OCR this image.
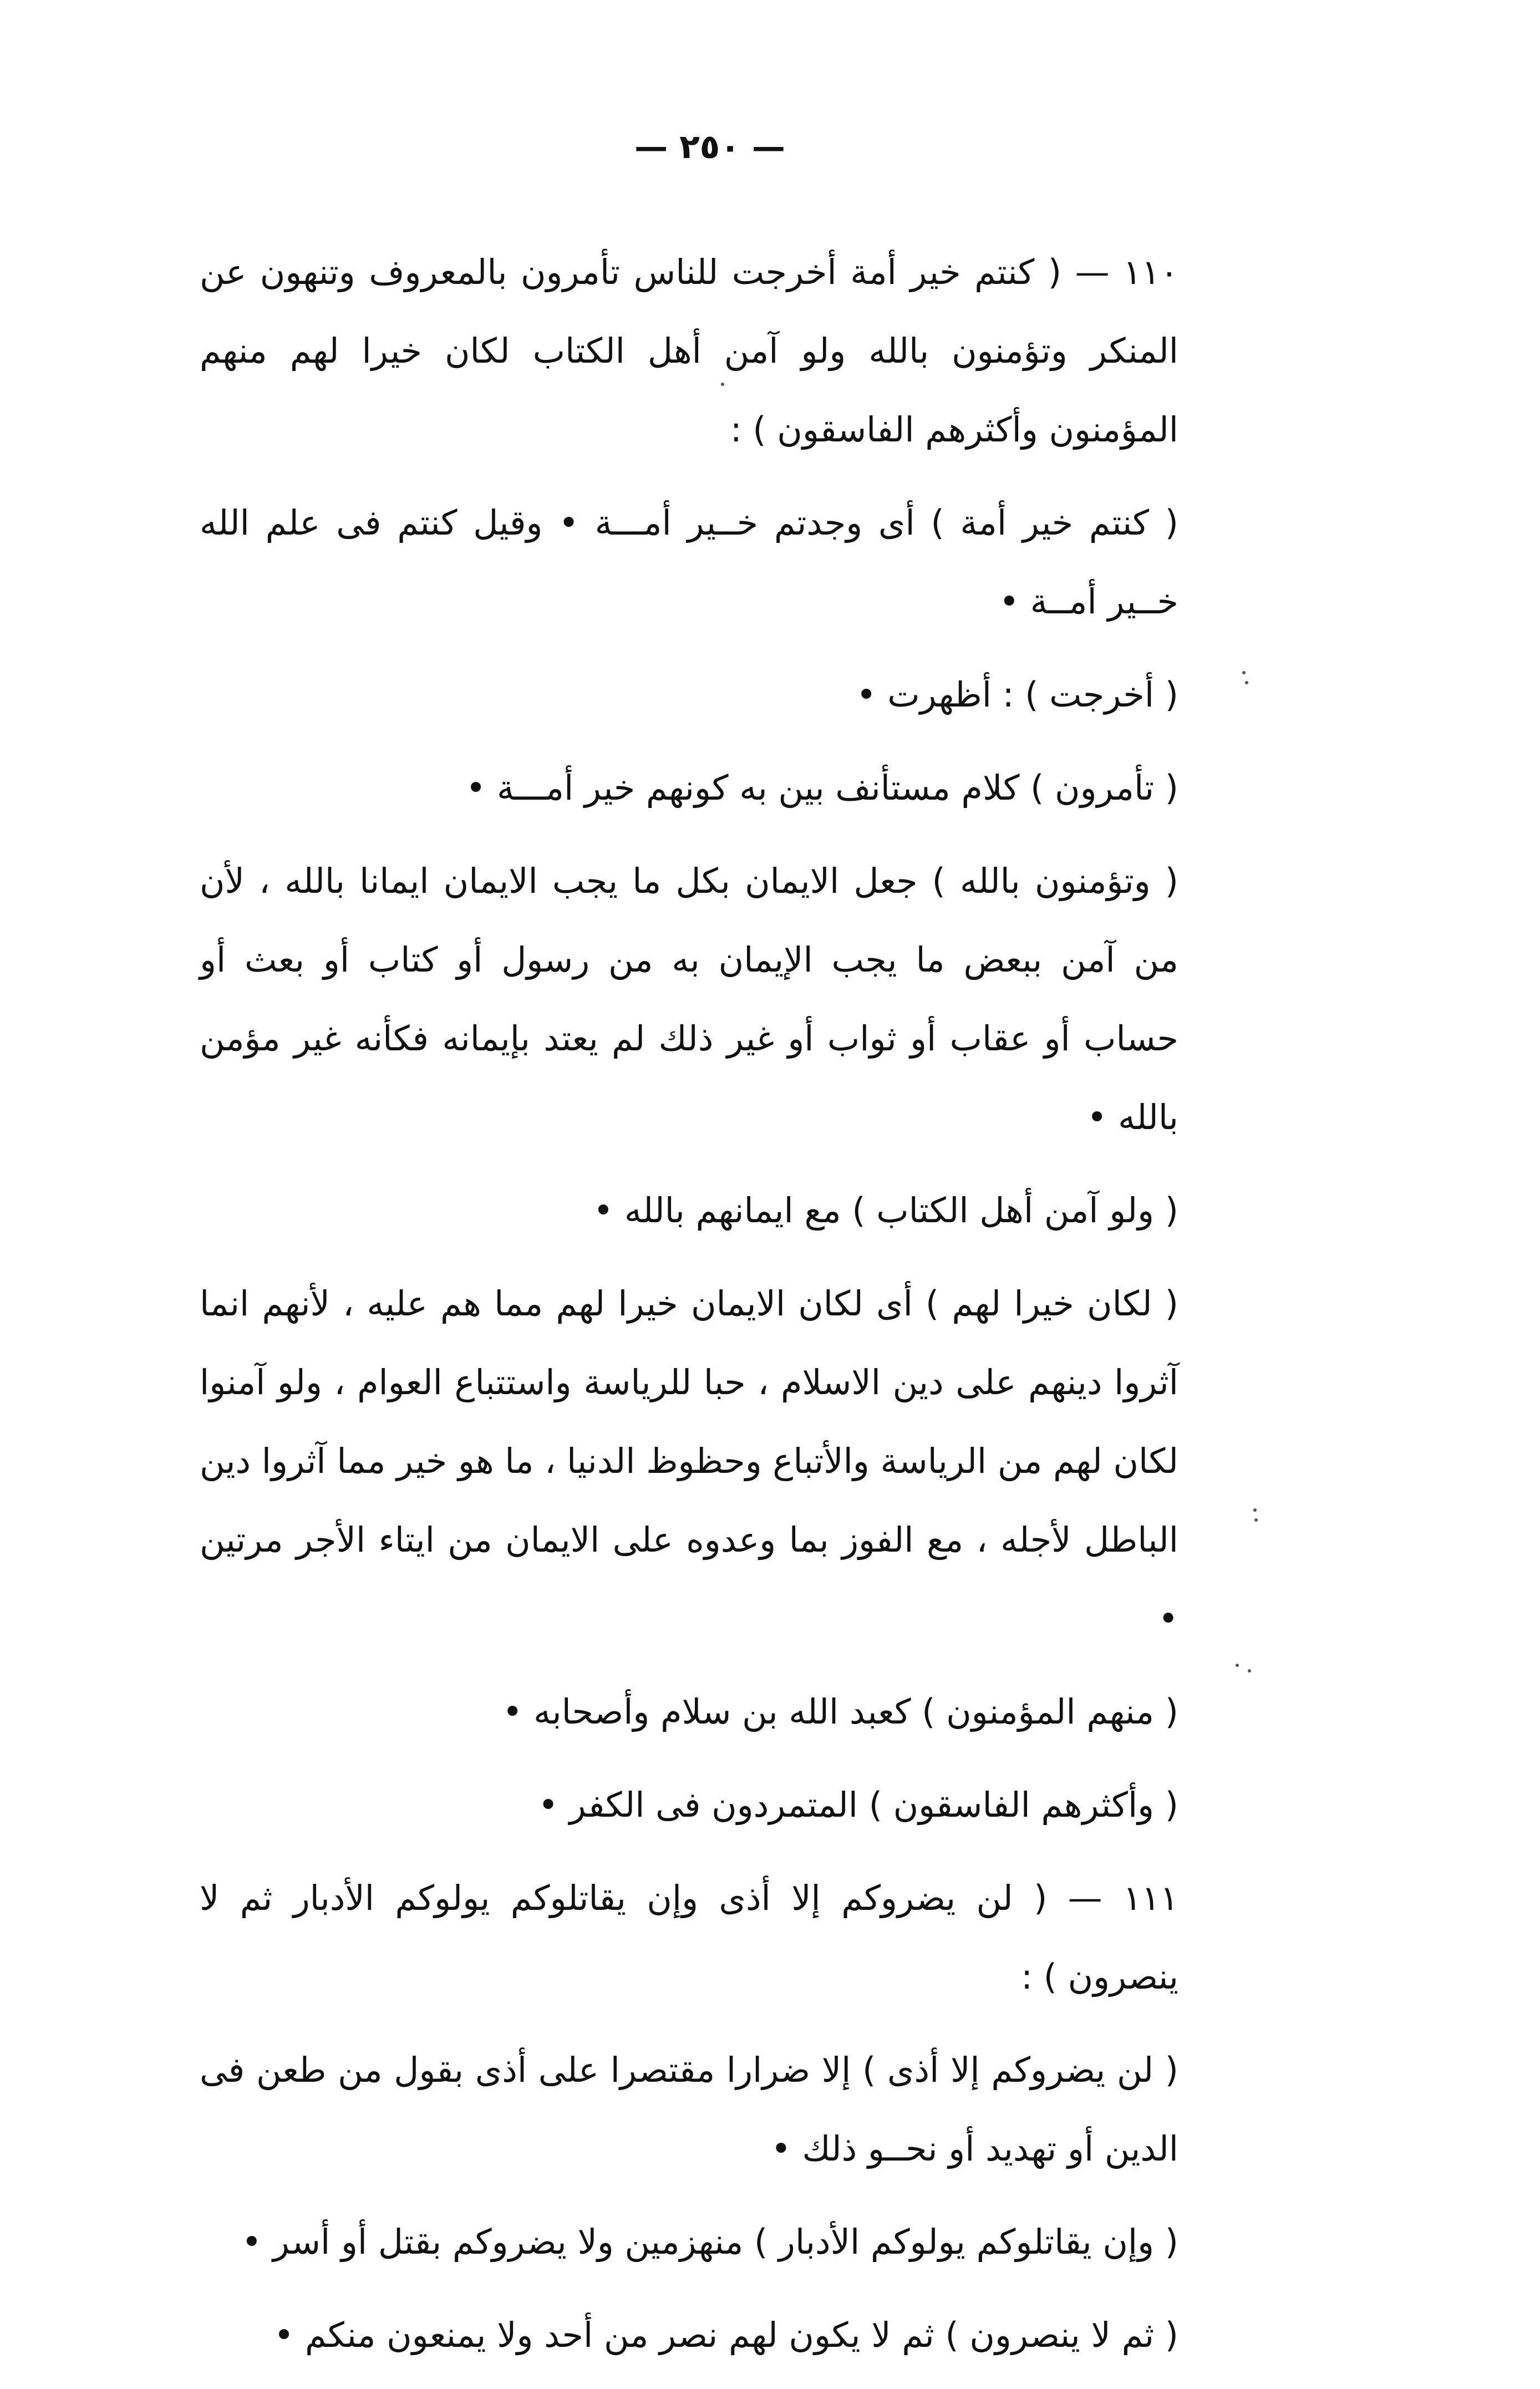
— ٢٥٠ —

١١٠ — ( كنتم خير أمة أخرجت للناس تأمرون بالمعروف وتنهون عن المنكر وتؤمنون بالله ولو آمن أهل الكتاب لكان خيرا لهم منهم المؤمنون وأكثرهم الفاسقون ) :

( كنتم خير أمة ) أى وجدتم خــير أمـــة • وقيل كنتم فى علم الله خــير أمــة •

( أخرجت ) : أظهرت •

( تأمرون ) كلام مستأنف بين به كونهم خير أمـــة •

( وتؤمنون بالله ) جعل الايمان بكل ما يجب الايمان ايمانا بالله ، لأن من آمن ببعض ما يجب الإيمان به من رسول أو كتاب أو بعث أو حساب أو عقاب أو ثواب أو غير ذلك لم يعتد بإيمانه فكأنه غير مؤمن بالله •

( ولو آمن أهل الكتاب ) مع ايمانهم بالله •

( لكان خيرا لهم ) أى لكان الايمان خيرا لهم مما هم عليه ، لأنهم انما آثروا دينهم على دين الاسلام ، حبا للرياسة واستتباع العوام ، ولو آمنوا لكان لهم من الرياسة والأتباع وحظوظ الدنيا ، ما هو خير مما آثروا دين الباطل لأجله ، مع الفوز بما وعدوه على الايمان من ايتاء الأجر مرتين •

( منهم المؤمنون ) كعبد الله بن سلام وأصحابه •

( وأكثرهم الفاسقون ) المتمردون فى الكفر •

١١١ — ( لن يضروكم إلا أذى وإن يقاتلوكم يولوكم الأدبار ثم لا ينصرون ) :

( لن يضروكم إلا أذى ) إلا ضرارا مقتصرا على أذى بقول من طعن فى الدين أو تهديد أو نحــو ذلك •

( وإن يقاتلوكم يولوكم الأدبار ) منهزمين ولا يضروكم بقتل أو أسر •

( ثم لا ينصرون ) ثم لا يكون لهم نصر من أحد ولا يمنعون منكم •
